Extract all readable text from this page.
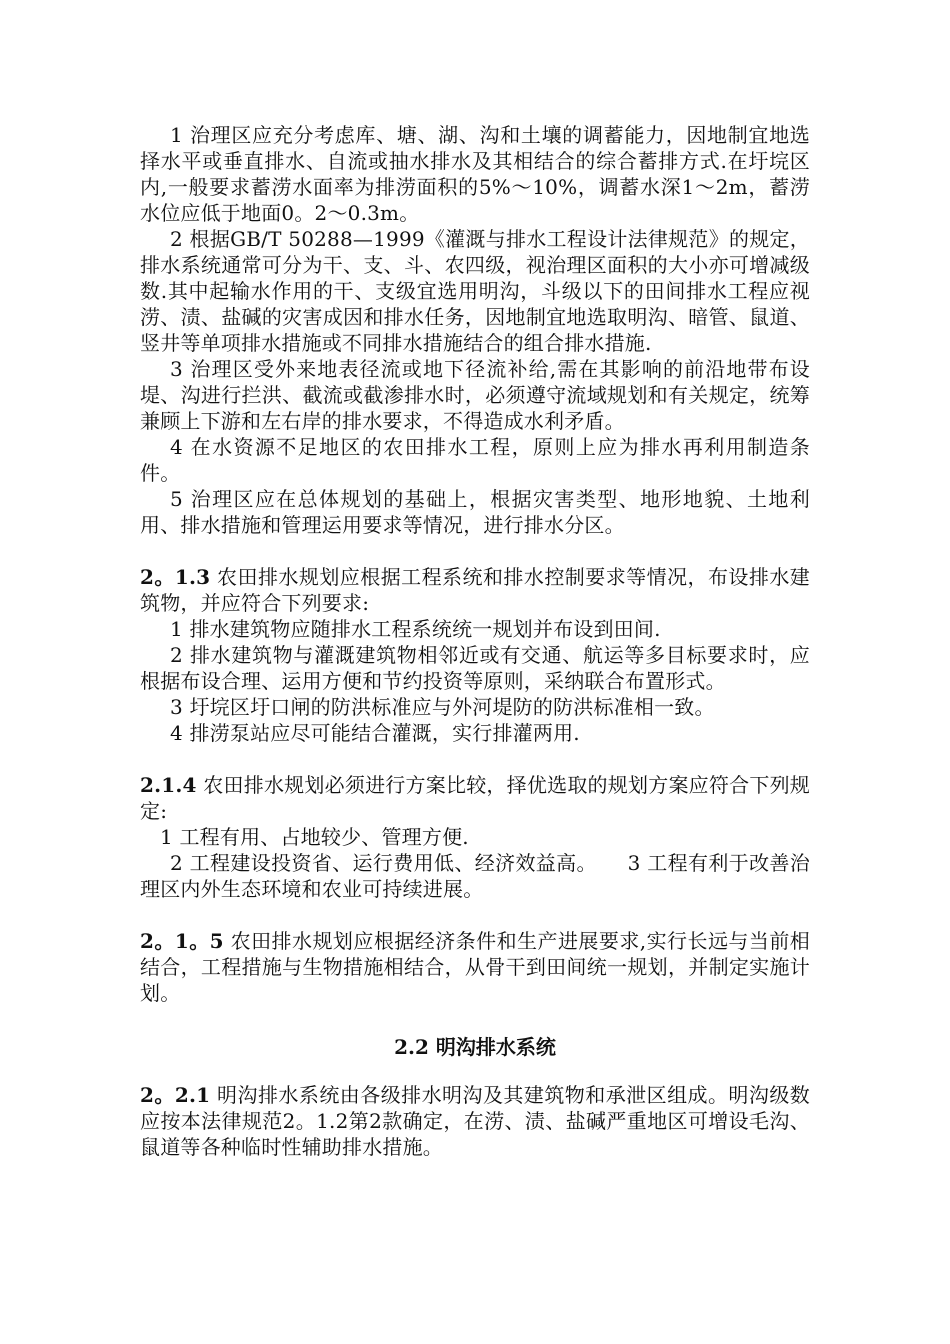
1 治理区应充分考虑库、塘、湖、沟和土壤的调蓄能力，因地制宜地选择水平或垂直排水、自流或抽水排水及其相结合的综合蓄排方式.在圩垸区内,一般要求蓄涝水面率为排涝面积的5%～10%，调蓄水深1～2m，蓄涝水位应低于地面0。2～0.3m。

2 根据GB/T 50288—1999《灌溉与排水工程设计法律规范》的规定，排水系统通常可分为干、支、斗、农四级，视治理区面积的大小亦可增减级数.其中起输水作用的干、支级宜选用明沟，斗级以下的田间排水工程应视涝、渍、盐碱的灾害成因和排水任务，因地制宜地选取明沟、暗管、鼠道、竖井等单项排水措施或不同排水措施结合的组合排水措施.

3 治理区受外来地表径流或地下径流补给,需在其影响的前沿地带布设堤、沟进行拦洪、截流或截渗排水时，必须遵守流域规划和有关规定，统筹兼顾上下游和左右岸的排水要求，不得造成水利矛盾。

4 在水资源不足地区的农田排水工程，原则上应为排水再利用制造条件。

5 治理区应在总体规划的基础上，根据灾害类型、地形地貌、土地利用、排水措施和管理运用要求等情况，进行排水分区。

2。1.3 农田排水规划应根据工程系统和排水控制要求等情况，布设排水建筑物，并应符合下列要求:

1 排水建筑物应随排水工程系统统一规划并布设到田间.

2 排水建筑物与灌溉建筑物相邻近或有交通、航运等多目标要求时，应根据布设合理、运用方便和节约投资等原则，采纳联合布置形式。

3 圩垸区圩口闸的防洪标准应与外河堤防的防洪标准相一致。

4 排涝泵站应尽可能结合灌溉，实行排灌两用.

2.1.4 农田排水规划必须进行方案比较，择优选取的规划方案应符合下列规定:

1 工程有用、占地较少、管理方便.

2 工程建设投资省、运行费用低、经济效益高。　　3 工程有利于改善治理区内外生态环境和农业可持续进展。

2。1。5 农田排水规划应根据经济条件和生产进展要求,实行长远与当前相结合，工程措施与生物措施相结合，从骨干到田间统一规划，并制定实施计划。

2.2 明沟排水系统

2。2.1 明沟排水系统由各级排水明沟及其建筑物和承泄区组成。明沟级数应按本法律规范2。1.2第2款确定，在涝、渍、盐碱严重地区可增设毛沟、鼠道等各种临时性辅助排水措施。
